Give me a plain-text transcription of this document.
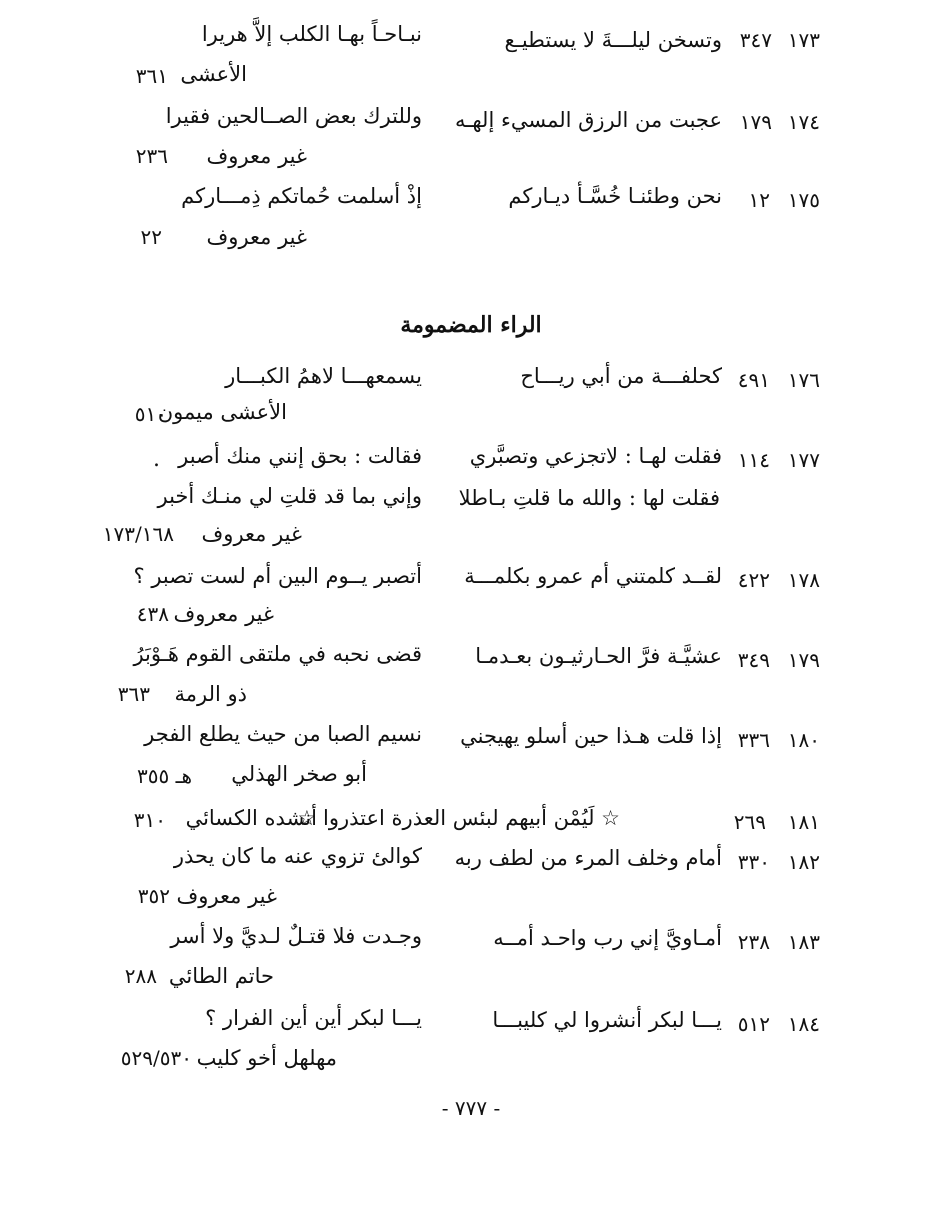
١٧٣
٣٤٧
وتسخن ليلـــةَ لا يستطيـع
نبـاحـاً بهـا الكلب إلاَّ هريرا
الأعشى
٣٦١
١٧٤
١٧٩
عجبت من الرزق المسيء إلهـه
وللترك بعض الصــالحين فقيرا
غير معروف
٢٣٦
١٧٥
١٢
نحن وطئنـا خُسَّـأ ديـاركم
إذْ أسلمت حُماتكم ذِمـــاركم
غير معروف
٢٢
الراء المضمومة
١٧٦
٤٩١
كحلفـــة من أبي ريـــاح
يسمعهـــا لاهمُ الكبـــار
الأعشى ميمون
٥١٠
١٧٧
١١٤
فقلت لهـا : لاتجزعي وتصبَّري
فقالت : بحق إنني منك أصبر
.
فقلت لها : والله ما قلتِ بـاطلا
وإني بما قد قلتِ لي منـك أخبر
غير معروف
١٧٣/١٦٨
١٧٨
٤٢٢
لقــد كلمتني أم عمرو بكلمـــة
أتصبر يــوم البين أم لست تصبر ؟
غير معروف
٤٣٨
١٧٩
٣٤٩
عشيَّـة فرَّ الحـارثيـون بعـدمـا
قضى نحبه في ملتقى القوم هَـوْبَرُ
ذو الرمة
٣٦٣
١٨٠
٣٣٦
إذا قلت هـذا حين أسلو يهيجني
نسيم الصبا من حيث يطلع الفجر
أبو صخر الهذلي
هـ ٣٥٥
١٨١
٢٦٩
☆ لَيُمْن أبيهم لبئس العذرة اعتذروا ☆
أنشده الكسائي
٣١٠
١٨٢
٣٣٠
أمام وخلف المرء من لطف ربه
كوالئ تزوي عنه ما كان يحذر
غير معروف
٣٥٢
١٨٣
٢٣٨
أمـاويَّ إني رب واحـد أمــه
وجـدت فلا قتـلٌ لـديَّ ولا أسر
حاتم الطائي
٢٨٨
١٨٤
٥١٢
يـــا لبكر أنشروا لي كليبـــا
يـــا لبكر أين أين الفرار ؟
مهلهل أخو كليب
٥٢٩/٥٣٠
- ٧٧٧ -
